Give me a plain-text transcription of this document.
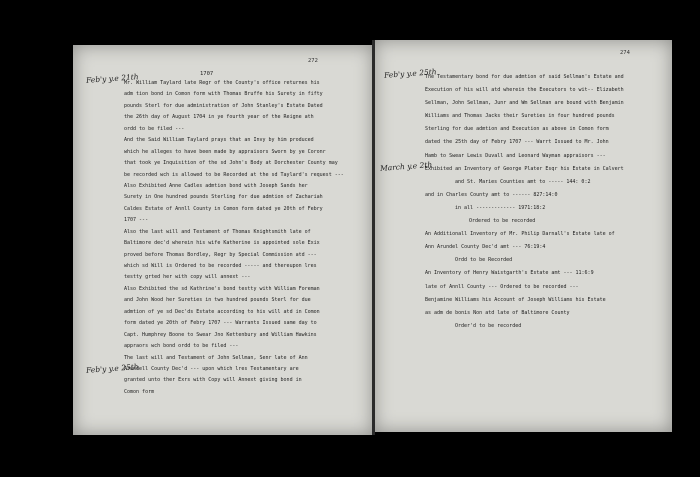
272
1707
274
Feb'y y.e 21th
Feb'y y.e 25th
Feb'y y.e 25th
March y.e 2th
Mr. William Taylard late Regr of the County's office returnes his
adm tion bond in Comon form with Thomas Bruffe his Surety in fifty
pounds Sterl for due administration of John Stanley's Estate Dated
the 26th day of August 1704 in ye fourth year of the Reigne ath
ordd to be filed ---
And the Said William Taylard prays that an Invy by him produced
which he alleges to have been made by appraisors Sworn by ye Coronr
that took ye Inquisition of the sd John's Body at Dorchester County may
be recorded wch is allowed to be Recorded at the sd Taylard's request ---
Also Exhibited Anne Cadles admtion bond with Joseph Sands her
Surety in One hundred pounds Sterling for due admtion of Zachariah
Caldes Estate of Annll County in Comon form dated ye 20th of Febry
1707 ---
Also the last will and Testament of Thomas Knightsmith late of
Baltimore dec'd wherein his wife Katherine is appointed sole Exix
proved before Thomas Bordley, Regr by Special Commission atd ---
which sd Will is Ordered to be recorded ----- and thereupon lres
testty grted her with copy will annext ---
Also Exhibited the sd Kathrine's bond testty with William Foreman
and John Wood her Sureties in two hundred pounds Sterl for due
admtion of ye sd Dec'ds Estate according to his will atd in Comon
form dated ye 20th of Febry 1707 --- Warrants Issued same day to
Capt. Humphrey Boone to Swear Jno Kettenbury and William Hawkins
appraors wch bond ordd to be filed ---
The last will and Testament of John Sellman, Senr late of Ann
Arundell County Dec'd --- upon which lres Testamentary are
granted unto ther Exrs with Copy will Annext giving bond in
Comon form
The Testamentary bond for due admtion of said Sellman's Estate and
Execution of his will atd wherein the Executors to wit-- Elizabeth
Sellman, John Sellman, Junr and Wm Sellman are bound with Benjamin
Williams and Thomas Jacks their Sureties in four hundred pounds
Sterling for due admtion and Execution as above in Comon form
dated the 25th day of Febry 1707 --- Warrt Issued to Mr. John
Hamb to Swear Lewis Duvall and Leonard Wayman appraisors ---
Exhibited an Inventory of George Plater Esqr his Estate in Calvert
and St. Maries Counties amt to ----- 144: 0:2
and in Charles County amt to ------ 827:14:0
in all ------------- 1971:18:2
Ordered to be recorded
An Additionall Inventory of Mr. Philip Darnall's Estate late of
Ann Arundel County Dec'd amt --- 76:19:4
Ordd to be Recorded
An Inventory of Henry Waistgarth's Estate amt --- 11:6:9
late of Annll County --- Ordered to be recorded ---
Benjamine Williams his Account of Joseph Williams his Estate
as adm de bonis Non atd late of Baltimore County
Order'd to be recorded
